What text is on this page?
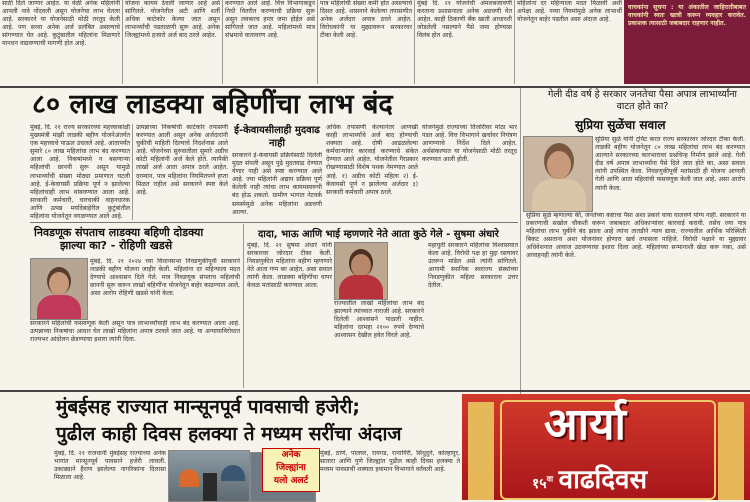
साठी दिले जाणार आहेत. या वेळी अनेक महिलांनी आपली नावे नोंदवली असून योजनेचा लाभ घेतला आहे. सरकारने या योजनेसाठी मोठी तरतूद केली आहे. पण सध्या अनेक अर्ज प्रलंबित असल्याचे सांगण्यात येत आहे. कुटुंबातील महिलांना मिळणारे मानधन वाढवण्याची मागणी होत आहे.
योजना कायम ठेवली जाणार आहे असे सांगितले. योजनेतील अटी आणि शर्ती अधिक काटेकोर केल्या जात असून लाभार्थ्यांची पडताळणी सुरू आहे. अनेक जिल्ह्यांमध्ये हजारो अर्ज बाद ठरले आहेत.
करण्यात आले आहे. वित्त विभागाकडून निधी वितरीत करण्याची प्रक्रिया सुरू असून लवकरच हप्ता जमा होईल असे सांगितले जात आहे. महिलांमध्ये मात्र संभ्रमाचे वातावरण आहे.
पात्र महिलांची संख्या कमी होत असल्याचे दिसत आहे. शासनाने केलेल्या तपासणीत अनेक अर्जदार अपात्र ठरले आहेत. विरोधकांनी या मुद्द्यावरून सरकारवर टीका केली आहे.
मुंबई दि. २१ योजनेची अंमलबजावणी करताना प्रशासनाला अनेक अडचणी येत आहेत. काही ठिकाणी बँक खाती आधारशी जोडलेली नसल्याने पैसे जमा होण्यास विलंब होत आहे.
महिलांना दर महिन्याला मदत मिळावी अशी अपेक्षा आहे. नव्या नियमांमुळे अनेक लाभार्थी योजनेतून बाहेर पडतील असा अंदाज आहे.
वाचकांना सूचना : या अंकातील जाहिरातीबाबत वाचकांनी स्वतः खात्री करून व्यवहार करावेत. प्रकाशक त्यासाठी जबाबदार राहणार नाहीत.
८० लाख लाडक्या बहिणींचा लाभ बंद	गेली दीड वर्ष हे सरकार जनतेचा पैसा अपात्र लाभार्थ्यांना वाटत होते का?
सुप्रिया सुळेंचा सवाल
सुप्रिया सुळे यांनी ट्विट करत राज्य सरकारवर जोरदार टीका केली. लाडकी बहीण योजनेतून ८० लाख महिलांचा लाभ बंद करण्यात आल्याने सरकारच्या कारभारावर प्रश्नचिन्ह निर्माण झाले आहे. गेली दीड वर्ष अपात्र लाभार्थ्यांना पैसे दिले जात होते का, असा सवाल त्यांनी उपस्थित केला. निवडणुकीपूर्वी मतांसाठी ही योजना आणली गेली आणि आता महिलांची फसवणूक केली जात आहे, असा आरोप त्यांनी केला.
सुप्रिया सुळे म्हणाल्या की, जनतेच्या कष्टाचा पैसा अशा प्रकारे वाया घालवणे योग्य नाही. सरकारने या प्रकरणाची सखोल चौकशी करून जबाबदार अधिकाऱ्यांवर कारवाई करावी. तसेच ज्या पात्र महिलांचा लाभ चुकीने बंद झाला आहे त्यांना तातडीने न्याय द्यावा. राज्यातील आर्थिक परिस्थिती बिकट असताना अशा योजनांवर होणारा खर्च तपासला पाहिजे. विरोधी पक्षाने या मुद्द्यावर अधिवेशनात आवाज उठवण्याचा इशारा दिला आहे. महिलांच्या सन्मानाशी खेळ करू नका, असे आवाहनही त्यांनी केले.
मुंबई, दि. २१ राज्य सरकारच्या महत्त्वाकांक्षी मुख्यमंत्री माझी लाडकी बहीण योजनेअंतर्गत एक महत्त्वाचे पाऊल उचलले आहे. आतापर्यंत सुमारे ८० लाख महिलांचा लाभ बंद करण्यात आला आहे. निकषांमध्ये न बसणाऱ्या महिलांची छाननी सुरू असून यामुळे लाभार्थ्यांची संख्या मोठ्या प्रमाणात घटली आहे. ई-केवायसी प्रक्रिया पूर्ण न झालेल्या महिलांचाही लाभ थांबवण्यात आला आहे. सरकारी कर्मचारी, चारचाकी वाहनधारक आणि उत्पन्न मर्यादेबाहेरील कुटुंबांतील महिलांना योजनेतून वगळण्यात आले आहे.
उत्पन्नाच्या निकषांची काटेकोर तपासणी करण्यात आली असून अनेक अर्जदारांनी चुकीची माहिती दिल्याचे निदर्शनास आले आहे. योजनेच्या सुरुवातीला सुमारे अडीच कोटी महिलांनी अर्ज केले होते. त्यापैकी लाखो अर्ज आता अपात्र ठरले आहेत. दरम्यान, पात्र महिलांना नियमितपणे हप्ता मिळत राहील असे सरकारने स्पष्ट केले आहे.
ई-केवायसीलाही मुदवाढ नाही
सरकारने ई-केवायसी प्रक्रियेसाठी दिलेली मुदत संपली असून पुढे मुदतवाढ देण्यात येणार नाही असे स्पष्ट करण्यात आले आहे. ज्या महिलांनी अद्याप प्रक्रिया पूर्ण केलेली नाही त्यांचा लाभ कायमस्वरूपी बंद होऊ शकतो. ग्रामीण भागात नेटवर्क समस्येमुळे अनेक महिलांना अडचणी आल्या.
अधिक तपासणी केल्यानंतर आणखी काही लाभार्थ्यांचे अर्ज बाद होण्याची शक्यता आहे. दोषी आढळलेल्या कर्मचाऱ्यांवर कारवाई करण्याचे संकेत देण्यात आले आहेत. योजनेतील गैरप्रकार रोखण्यासाठी विशेष पथक नेमण्यात आले आहे. १) अडीच कोटी महिला २) ई-केवायसी पूर्ण न झालेल्या अर्जदार ३) सरकारी कर्मचारी अपात्र ठरले.
योजनेमुळे राज्याच्या तिजोरीवर मोठा भार पडत आहे. वित्त विभागाने खर्चावर नियंत्रण आणण्याचे निर्देश दिले आहेत. अर्थसंकल्पात या योजनेसाठी मोठी तरतूद करण्यात आली होती.
निवडणूक संपताच लाडक्या बहिणी दोडक्या
झाल्या का? - रोहिणी खडसे
मुंबई, दि. २१ २०२४ च्या विधानसभा निवडणुकीपूर्वी सरकारने लाडकी बहीण योजना जाहीर केली. महिलांना दर महिन्याला मदत देण्याचे आश्वासन दिले गेले. मात्र निवडणूक संपताच महिलांची छाननी सुरू करून लाखो बहिणींना योजनेतून बाहेर काढण्यात आले, असा आरोप रोहिणी खडसे यांनी केला.
सरकारने महिलांची फसवणूक केली असून पात्र लाभार्थ्यांचाही लाभ बंद करण्यात आला आहे. उत्पन्नाच्या निकषांचा आधार घेत लाखो महिलांना अपात्र ठरवले जात आहे. या अन्यायाविरोधात राज्यभर आंदोलन छेडण्याचा इशारा त्यांनी दिला.
दादा, भाऊ आणि भाई म्हणणारे नेते आता कुठे गेले - सुषमा अंधारे
मुंबई, दि. २१ सुषमा अंधारे यांनी सरकारवर जोरदार टीका केली. निवडणुकीत महिलांना बहीण म्हणणारे नेते आता गप्प का आहेत, असा सवाल त्यांनी केला. लाडक्या बहिणींचा वापर केवळ मतांसाठी करण्यात आला.
राज्यातील लाखो महिलांचा लाभ बंद झाल्याने त्यांच्यात नाराजी आहे. सरकारने दिलेली आश्वासने पाळली नाहीत. महिलांना दरमहा २१०० रुपये देण्याचे आश्वासन देखील हवेत विरले आहे.
महायुती सरकारने महिलांचा विश्वासघात केला आहे. विरोधी पक्ष हा मुद्दा रस्त्यावर उतरून मांडेल असे त्यांनी सांगितले. आगामी स्थानिक स्वराज्य संस्थांच्या निवडणुकीत महिला सरकारला उत्तर देतील.
मुंबईसह राज्यात मान्सूनपूर्व पावसाची हजेरी;
पुढील काही दिवस हलक्या ते मध्यम सरींचा अंदाज
मुंबई, दि. २१ राजधानी मुंबईसह राज्याच्या अनेक भागांत मान्सूनपूर्व पावसाने हजेरी लावली. उकाड्याने हैराण झालेल्या नागरिकांना दिलासा मिळाला आहे.
अनेक
जिल्ह्यांना
यलो अलर्ट
मुंबई, ठाणे, पालघर, रायगड, रत्नागिरी, सिंधुदुर्ग, कोल्हापूर, सातारा आणि पुणे जिल्ह्यांत पुढील काही दिवस हलक्या ते मध्यम पावसाची शक्यता हवामान विभागाने वर्तवली आहे.
आर्या
$१५^{वा}$ वाढदिवस
